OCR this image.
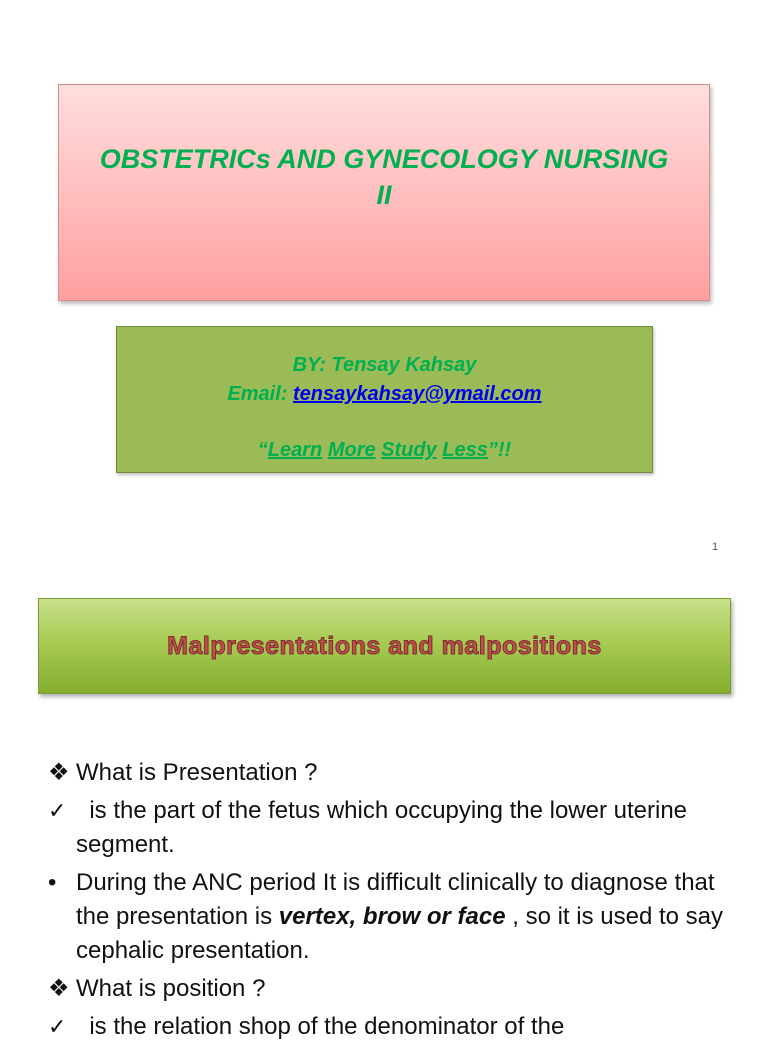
OBSTETRICs AND GYNECOLOGY NURSING
II
BY: Tensay Kahsay
Email: tensaykahsay@ymail.com
“Learn More Study Less”!!
1
Malpresentations and malpositions
❖ What is Presentation ?
✓ is the part of the fetus which occupying the lower uterine segment.
• During the ANC period It is difficult clinically to diagnose that the presentation is vertex, brow or face , so it is used to say cephalic presentation.
❖ What is position ?
✓ is the relation shop of the denominator of the
